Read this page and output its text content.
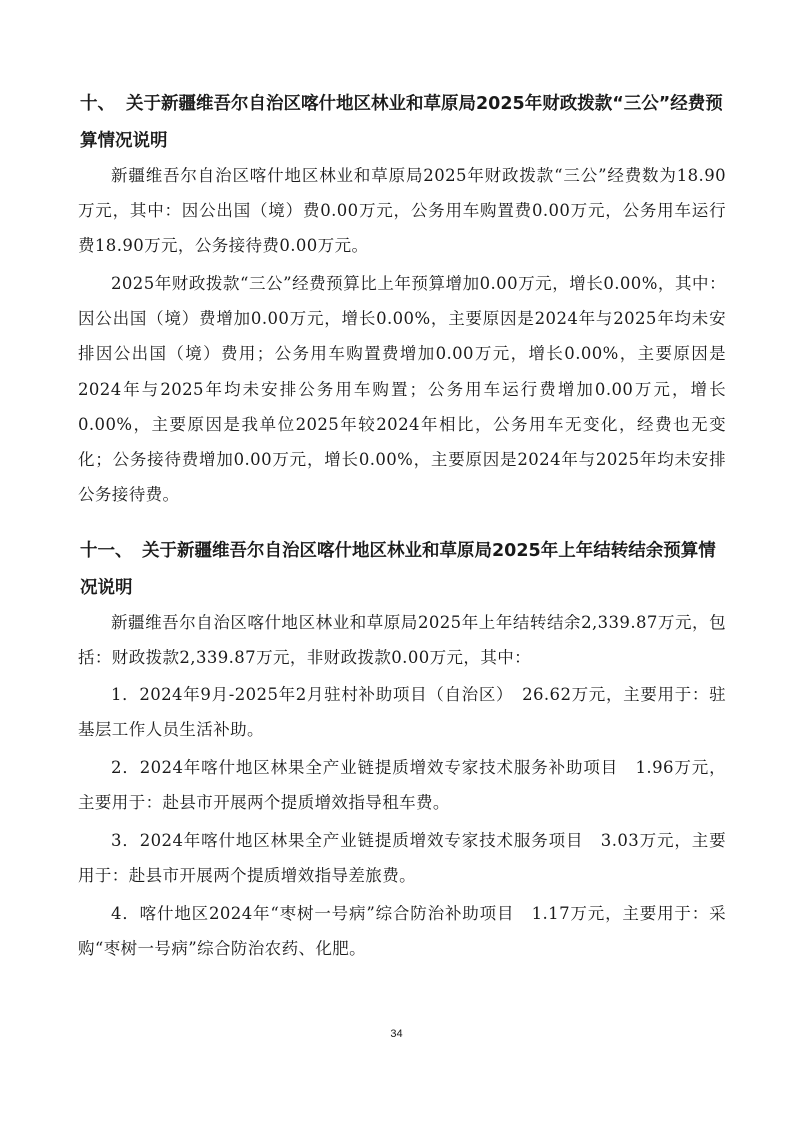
十、 关于新疆维吾尔自治区喀什地区林业和草原局2025年财政拨款“三公”经费预算情况说明

新疆维吾尔自治区喀什地区林业和草原局2025年财政拨款“三公”经费数为18.90万元，其中：因公出国（境）费0.00万元，公务用车购置费0.00万元，公务用车运行费18.90万元，公务接待费0.00万元。

2025年财政拨款“三公”经费预算比上年预算增加0.00万元，增长0.00%，其中：因公出国（境）费增加0.00万元，增长0.00%，主要原因是2024年与2025年均未安排因公出国（境）费用；公务用车购置费增加0.00万元，增长0.00%，主要原因是2024年与2025年均未安排公务用车购置；公务用车运行费增加0.00万元，增长0.00%，主要原因是我单位2025年较2024年相比，公务用车无变化，经费也无变化；公务接待费增加0.00万元，增长0.00%，主要原因是2024年与2025年均未安排公务接待费。

十一、 关于新疆维吾尔自治区喀什地区林业和草原局2025年上年结转结余预算情况说明

新疆维吾尔自治区喀什地区林业和草原局2025年上年结转结余2,339.87万元，包括：财政拨款2,339.87万元，非财政拨款0.00万元，其中：

1．2024年9月-2025年2月驻村补助项目（自治区）　26.62万元，主要用于：驻基层工作人员生活补助。

2．2024年喀什地区林果全产业链提质增效专家技术服务补助项目　1.96万元，主要用于：赴县市开展两个提质增效指导租车费。

3．2024年喀什地区林果全产业链提质增效专家技术服务项目　3.03万元，主要用于：赴县市开展两个提质增效指导差旅费。

4．喀什地区2024年“枣树一号病”综合防治补助项目　1.17万元，主要用于：采购“枣树一号病”综合防治农药、化肥。

34
